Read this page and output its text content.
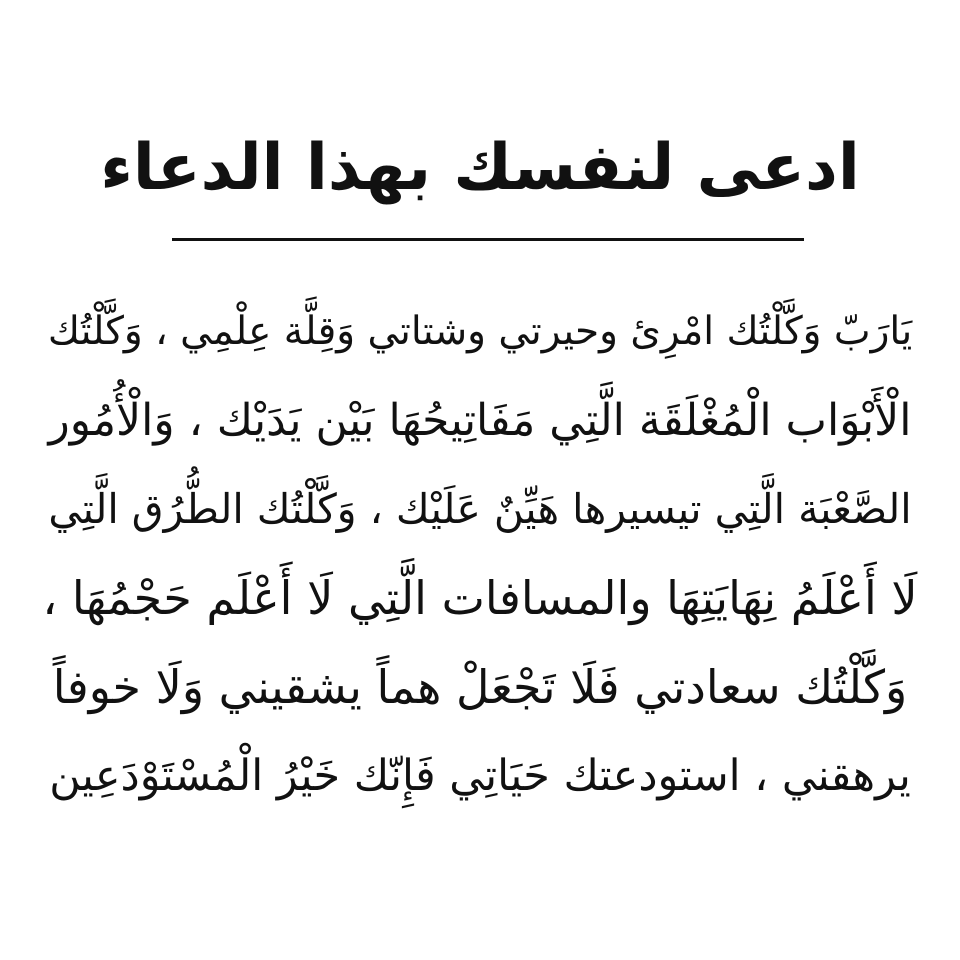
ادعى لنفسك بهذا الدعاء
يَارَبّ وَكَّلْتُك امْرِئ وحيرتي وشتاتي وَقِلَّة عِلْمِي ، وَكَّلْتُك
الْأَبْوَاب الْمُغْلَقَة الَّتِي مَفَاتِيحُهَا بَيْن يَدَيْك ، وَالْأُمُور
الصَّعْبَة الَّتِي تيسيرها هَيِّنٌ عَلَيْك ، وَكَّلْتُك الطُّرُق الَّتِي
لَا أَعْلَمُ نِهَايَتِهَا والمسافات الَّتِي لَا أَعْلَم حَجْمُهَا ،
وَكَّلْتُك سعادتي فَلَا تَجْعَلْ هماً يشقيني وَلَا خوفاً
يرهقني ، استودعتك حَيَاتِي فَإِنّك خَيْرُ الْمُسْتَوْدَعِين
